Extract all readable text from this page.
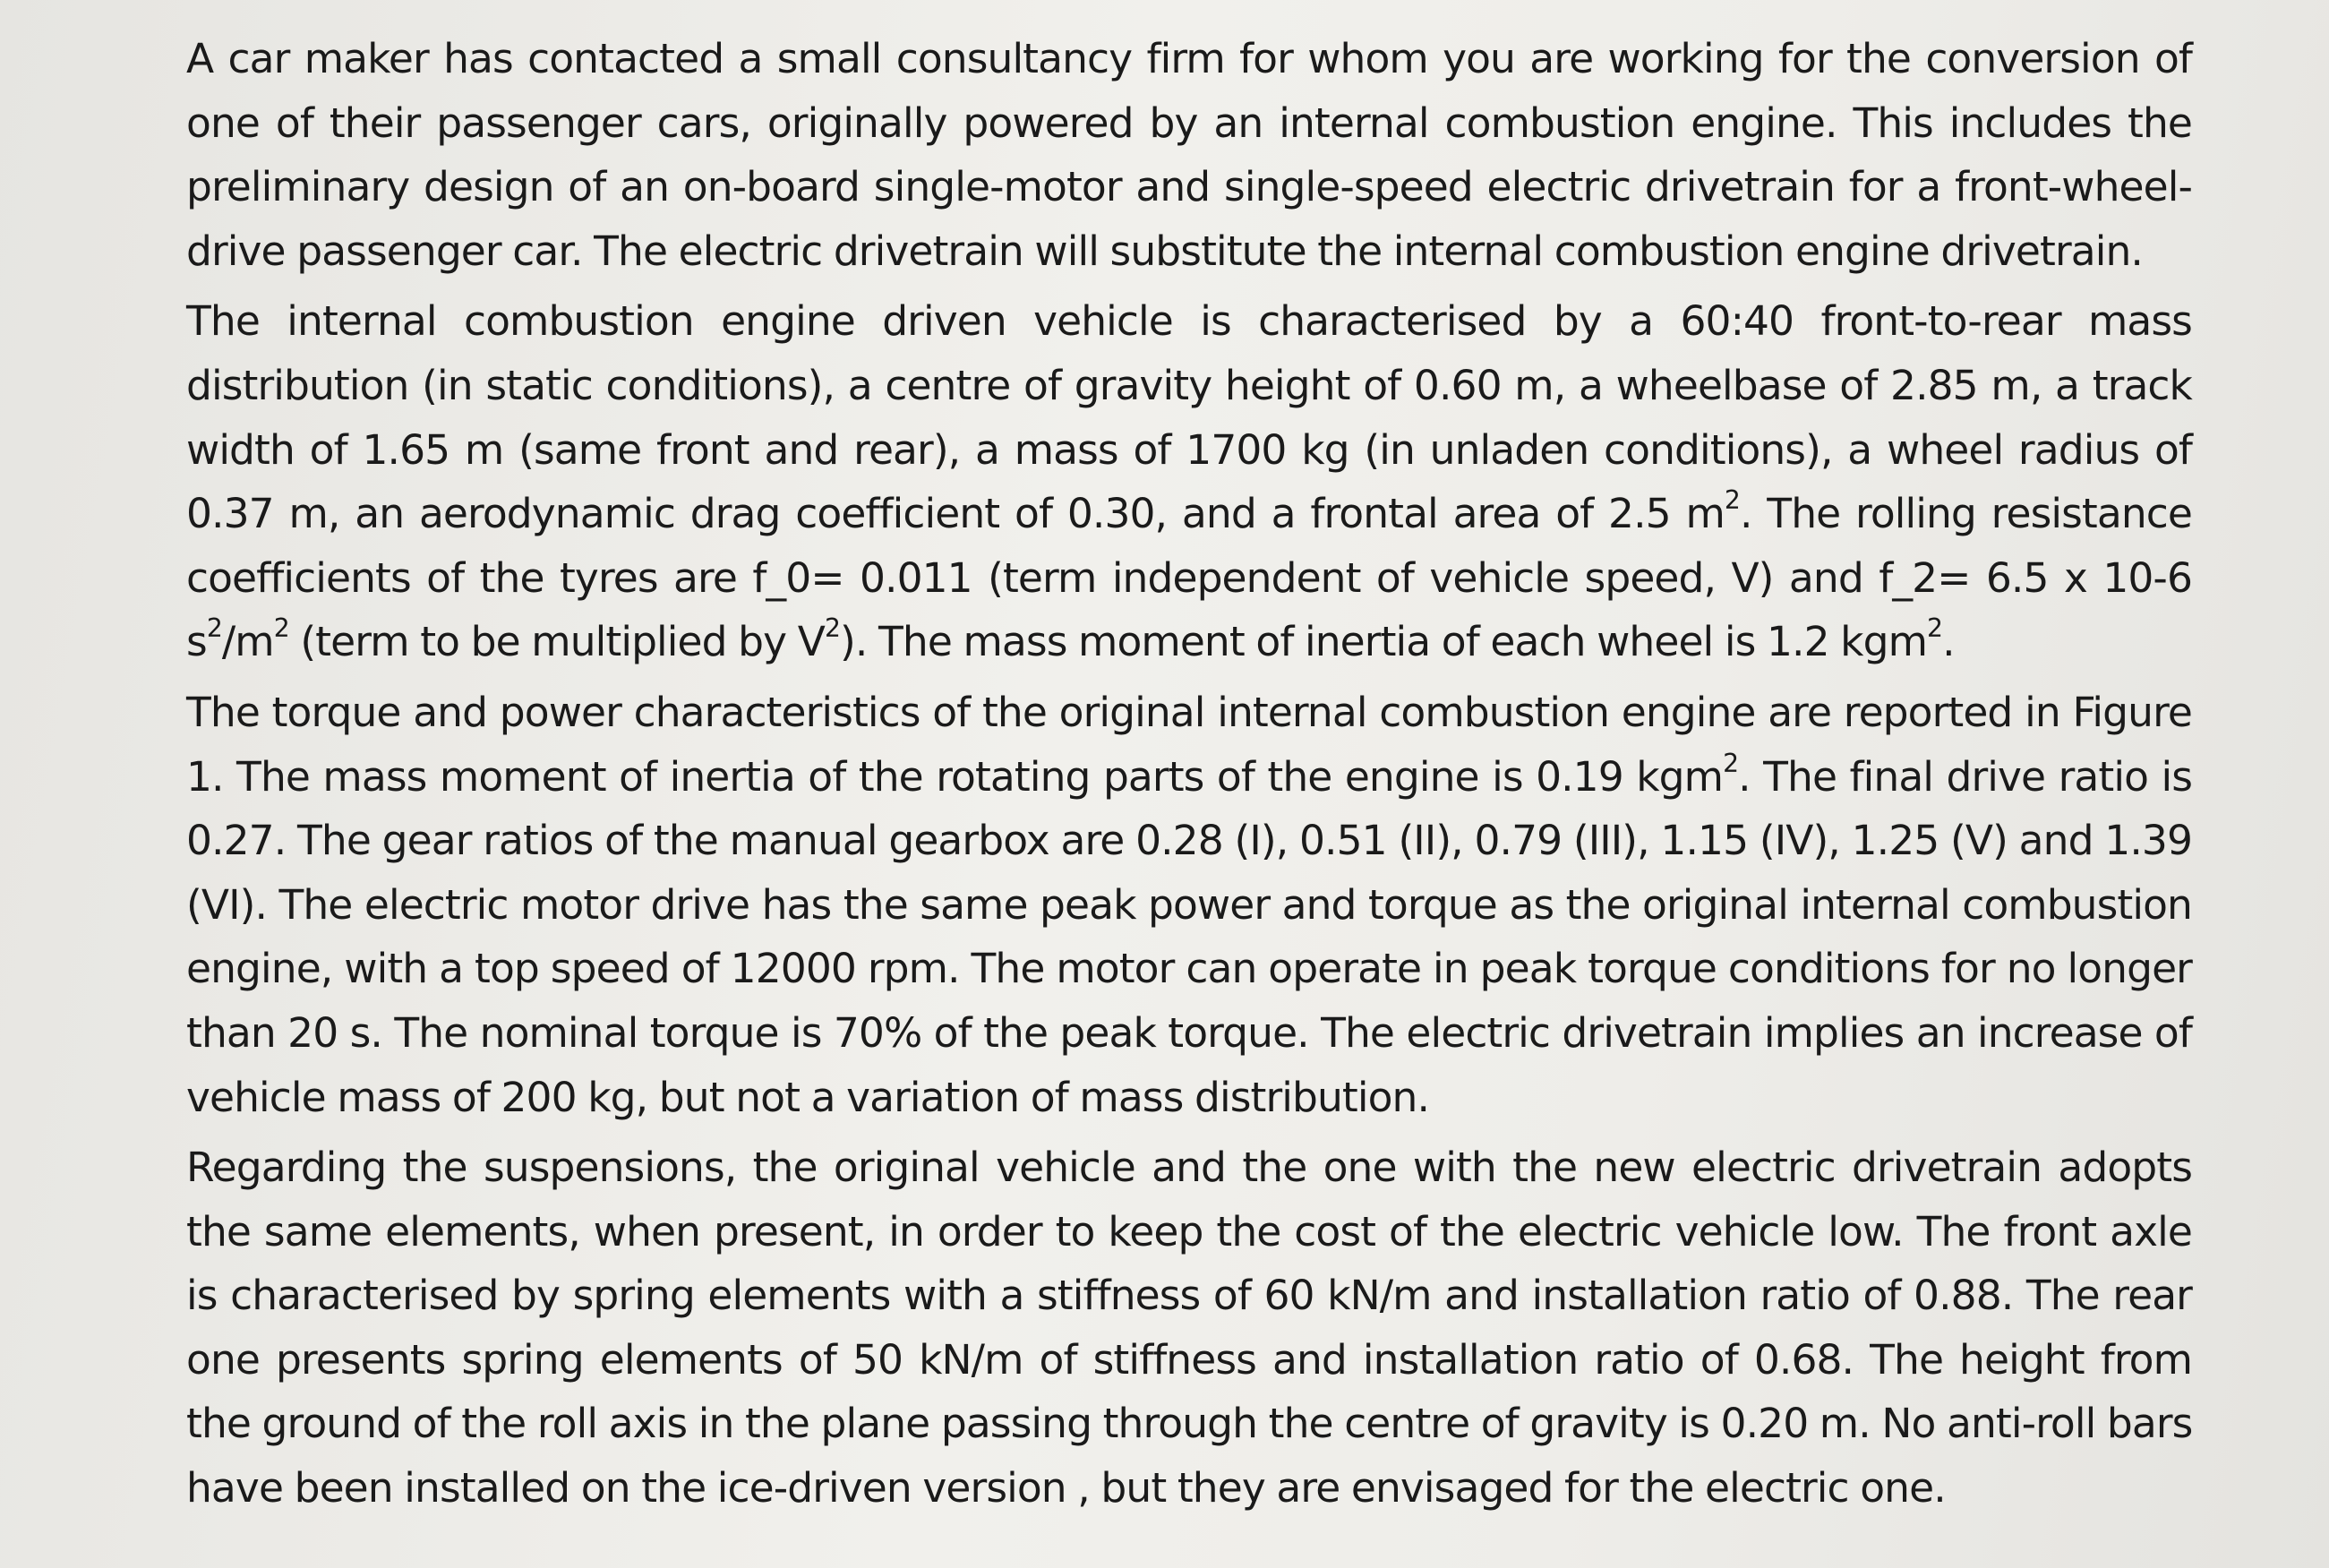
A car maker has contacted a small consultancy firm for whom you are working for the conversion of
one of their passenger cars, originally powered by an internal combustion engine. This includes the
preliminary design of an on-board single-motor and single-speed electric drivetrain for a front-wheel-
drive passenger car. The electric drivetrain will substitute the internal combustion engine drivetrain.

The internal combustion engine driven vehicle is characterised by a 60:40 front-to-rear mass
distribution (in static conditions), a centre of gravity height of 0.60 m, a wheelbase of 2.85 m, a track
width of 1.65 m (same front and rear), a mass of 1700 kg (in unladen conditions), a wheel radius of
0.37 m, an aerodynamic drag coefficient of 0.30, and a frontal area of 2.5 $m^2$. The rolling resistance
coefficients of the tyres are f_0= 0.011 (term independent of vehicle speed, V) and f_2= 6.5 x 10-6
$s^2/m^2$ (term to be multiplied by $V^2$). The mass moment of inertia of each wheel is 1.2 kgm$^2$.

The torque and power characteristics of the original internal combustion engine are reported in Figure
1. The mass moment of inertia of the rotating parts of the engine is 0.19 kgm$^2$. The final drive ratio is
0.27. The gear ratios of the manual gearbox are 0.28 (I), 0.51 (II), 0.79 (III), 1.15 (IV), 1.25 (V) and 1.39
(VI). The electric motor drive has the same peak power and torque as the original internal combustion
engine, with a top speed of 12000 rpm. The motor can operate in peak torque conditions for no longer
than 20 s. The nominal torque is 70% of the peak torque. The electric drivetrain implies an increase of
vehicle mass of 200 kg, but not a variation of mass distribution.

Regarding the suspensions, the original vehicle and the one with the new electric drivetrain adopts
the same elements, when present, in order to keep the cost of the electric vehicle low. The front axle
is characterised by spring elements with a stiffness of 60 kN/m and installation ratio of 0.88. The rear
one presents spring elements of 50 kN/m of stiffness and installation ratio of 0.68. The height from
the ground of the roll axis in the plane passing through the centre of gravity is 0.20 m. No anti-roll bars
have been installed on the ice-driven version , but they are envisaged for the electric one.
